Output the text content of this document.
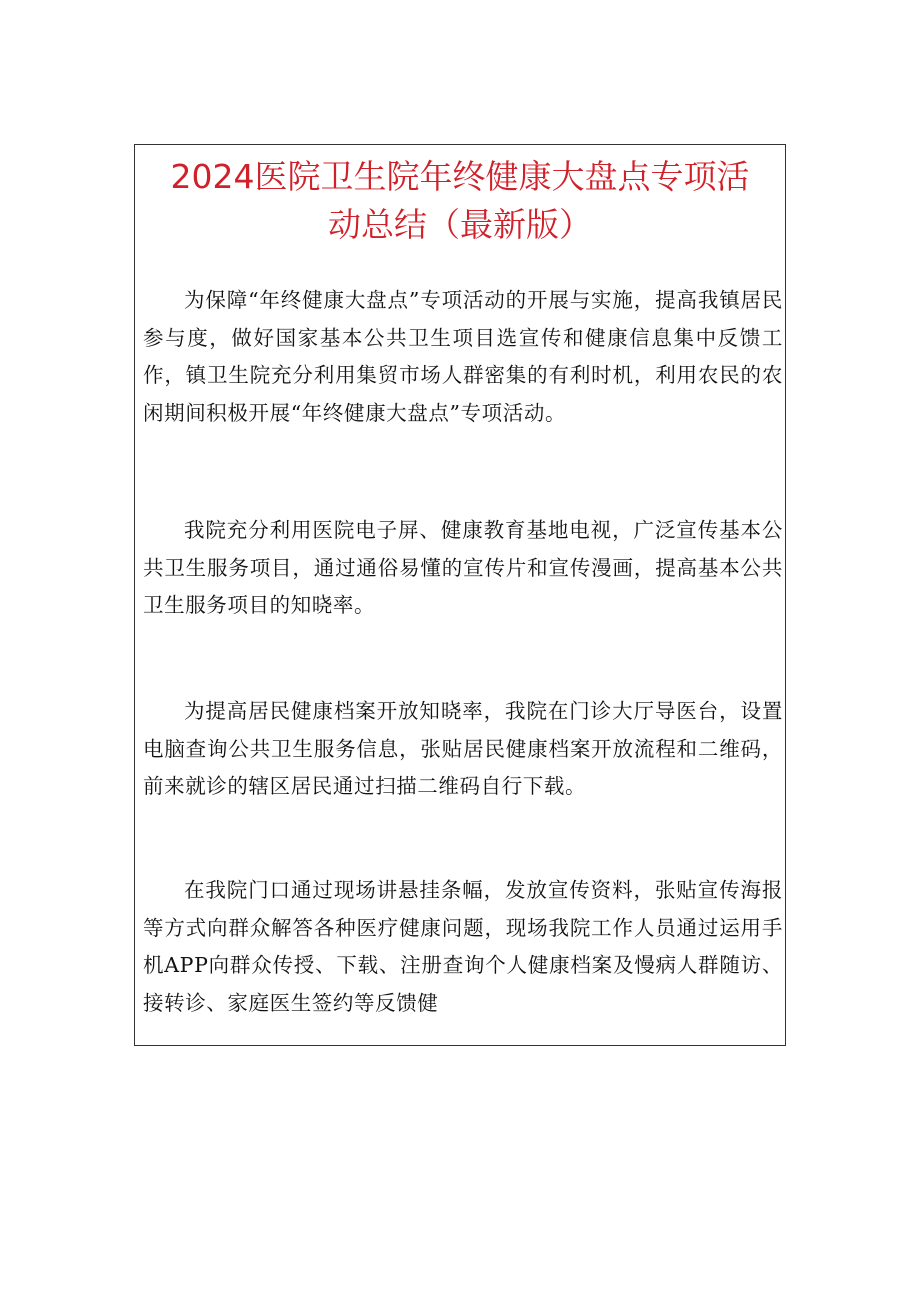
2024医院卫生院年终健康大盘点专项活
动总结（最新版）

为保障“年终健康大盘点”专项活动的开展与实施，提高我镇居民参与度，做好国家基本公共卫生项目选宣传和健康信息集中反馈工作，镇卫生院充分利用集贸市场人群密集的有利时机，利用农民的农闲期间积极开展“年终健康大盘点”专项活动。

我院充分利用医院电子屏、健康教育基地电视，广泛宣传基本公共卫生服务项目，通过通俗易懂的宣传片和宣传漫画，提高基本公共卫生服务项目的知晓率。

为提高居民健康档案开放知晓率，我院在门诊大厅导医台，设置电脑查询公共卫生服务信息，张贴居民健康档案开放流程和二维码，前来就诊的辖区居民通过扫描二维码自行下载。

在我院门口通过现场讲悬挂条幅，发放宣传资料，张贴宣传海报等方式向群众解答各种医疗健康问题，现场我院工作人员通过运用手机APP向群众传授、下载、注册查询个人健康档案及慢病人群随访、接转诊、家庭医生签约等反馈健
